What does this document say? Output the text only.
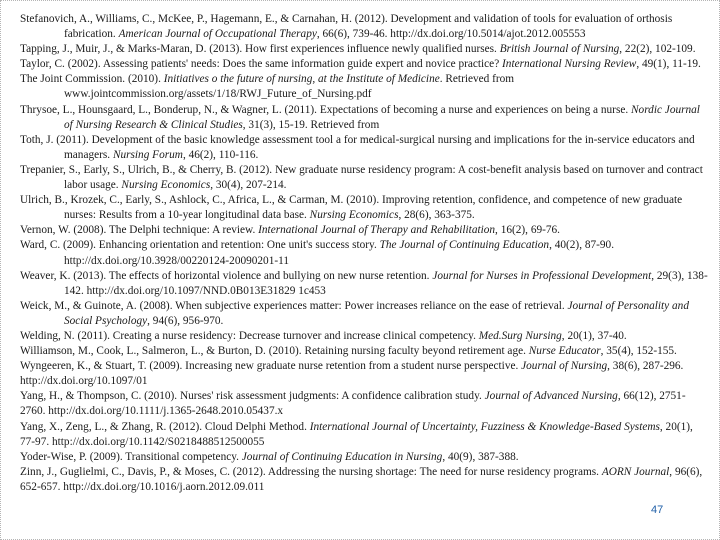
Stefanovich, A., Williams, C., McKee, P., Hagemann, E., & Carnahan, H. (2012). Development and validation of tools for evaluation of orthosis fabrication. American Journal of Occupational Therapy, 66(6), 739-46. http://dx.doi.org/10.5014/ajot.2012.005553

Tapping, J., Muir, J., & Marks-Maran, D. (2013). How first experiences influence newly qualified nurses. British Journal of Nursing, 22(2), 102-109.

Taylor, C. (2002). Assessing patients' needs: Does the same information guide expert and novice practice? International Nursing Review, 49(1), 11-19.

The Joint Commission. (2010). Initiatives o the future of nursing, at the Institute of Medicine. Retrieved from www.jointcommission.org/assets/1/18/RWJ_Future_of_Nursing.pdf

Thrysoe, L., Hounsgaard, L., Bonderup, N., & Wagner, L. (2011). Expectations of becoming a nurse and experiences on being a nurse. Nordic Journal of Nursing Research & Clinical Studies, 31(3), 15-19. Retrieved from

Toth, J. (2011). Development of the basic knowledge assessment tool a for medical-surgical nursing and implications for the in-service educators and managers. Nursing Forum, 46(2), 110-116.

Trepanier, S., Early, S., Ulrich, B., & Cherry, B. (2012). New graduate nurse residency program: A cost-benefit analysis based on turnover and contract labor usage. Nursing Economics, 30(4), 207-214.

Ulrich, B., Krozek, C., Early, S., Ashlock, C., Africa, L., & Carman, M. (2010). Improving retention, confidence, and competence of new graduate nurses: Results from a 10-year longitudinal data base. Nursing Economics, 28(6), 363-375.

Vernon, W. (2008). The Delphi technique: A review. International Journal of Therapy and Rehabilitation, 16(2), 69-76.

Ward, C. (2009). Enhancing orientation and retention: One unit's success story. The Journal of Continuing Education, 40(2), 87-90. http://dx.doi.org/10.3928/00220124-20090201-11

Weaver, K. (2013). The effects of horizontal violence and bullying on new nurse retention. Journal for Nurses in Professional Development, 29(3), 138-142. http://dx.doi.org/10.1097/NND.0B013E31829 1c453

Weick, M., & Guinote, A. (2008). When subjective experiences matter: Power increases reliance on the ease of retrieval. Journal of Personality and Social Psychology, 94(6), 956-970.

Welding, N. (2011). Creating a nurse residency: Decrease turnover and increase clinical competency. Med.Surg Nursing, 20(1), 37-40.

Williamson, M., Cook, L., Salmeron, L., & Burton, D. (2010). Retaining nursing faculty beyond retirement age. Nurse Educator, 35(4), 152-155.

Wyngeeren, K., & Stuart, T. (2009). Increasing new graduate nurse retention from a student nurse perspective. Journal of Nursing, 38(6), 287-296. http://dx.doi.org/10.1097/01

Yang, H., & Thompson, C. (2010). Nurses' risk assessment judgments: A confidence calibration study. Journal of Advanced Nursing, 66(12), 2751-2760. http://dx.doi.org/10.1111/j.1365-2648.2010.05437.x

Yang, X., Zeng, L., & Zhang, R. (2012). Cloud Delphi Method. International Journal of Uncertainty, Fuzziness & Knowledge-Based Systems, 20(1), 77-97. http://dx.doi.org/10.1142/S0218488512500055

Yoder-Wise, P. (2009). Transitional competency. Journal of Continuing Education in Nursing, 40(9), 387-388.

Zinn, J., Guglielmi, C., Davis, P., & Moses, C. (2012). Addressing the nursing shortage: The need for nurse residency programs. AORN Journal, 96(6), 652-657. http://dx.doi.org/10.1016/j.aorn.2012.09.011

47
